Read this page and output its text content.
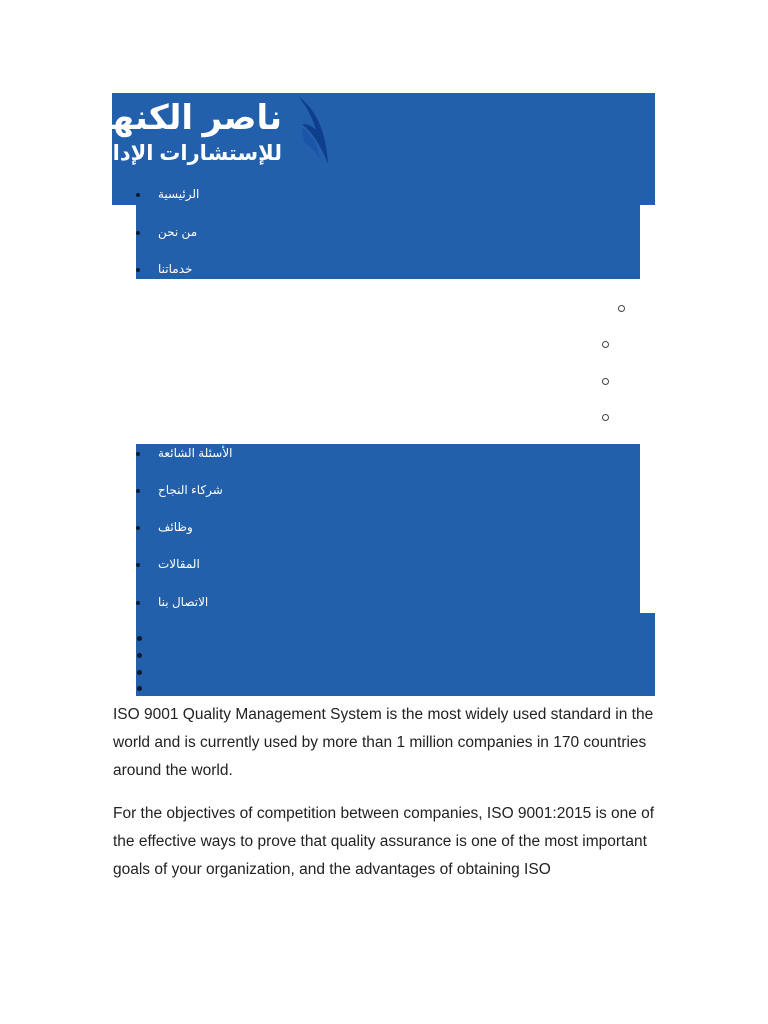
ناصر الكنهل
للإستشارات الإدارية
الرئيسية
من نحن
خدماتنا
الأسئلة الشائعة
شركاء النجاح
وظائف
المقالات
الاتصال بنا

ISO 9001 Quality Management System is the most widely used standard in the world and is currently used by more than 1 million companies in 170 countries around the world.

For the objectives of competition between companies, ISO 9001:2015 is one of the effective ways to prove that quality assurance is one of the most important goals of your organization, and the advantages of obtaining ISO
